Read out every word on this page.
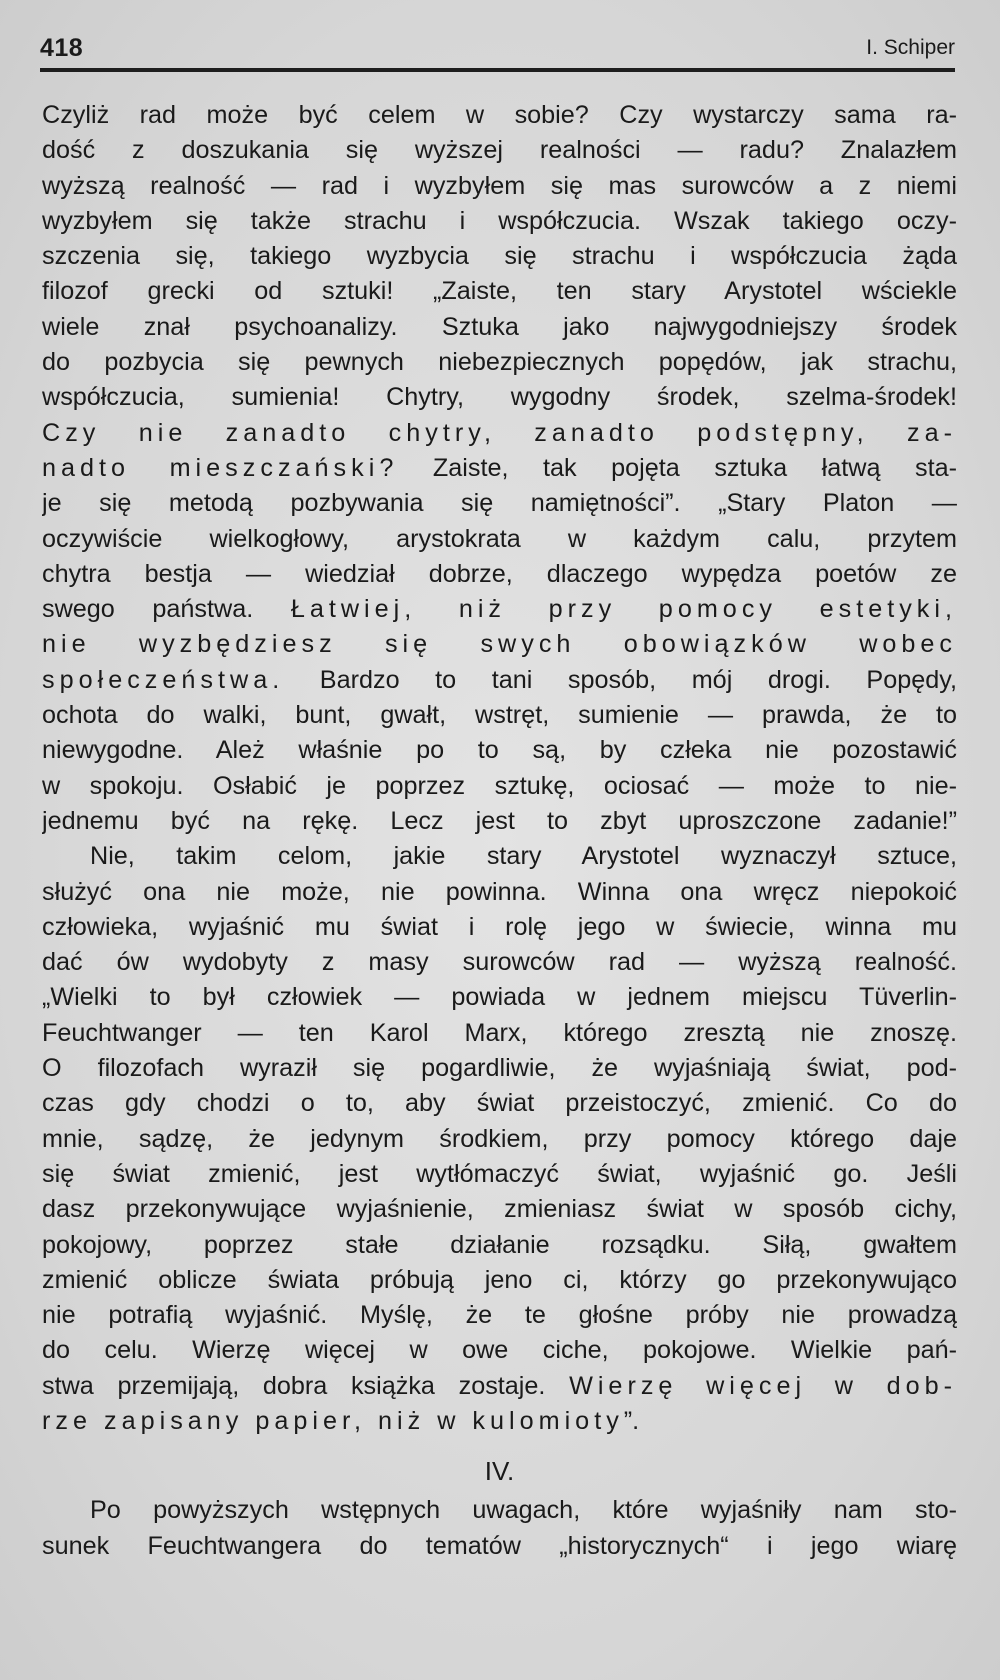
418	I. Schiper
Czyliż rad może być celem w sobie? Czy wystarczy sama ra-
dość z doszukania się wyższej realności — radu? Znalazłem
wyższą realność — rad i wyzbyłem się mas surowców a z niemi
wyzbyłem się także strachu i współczucia. Wszak takiego oczy-
szczenia się, takiego wyzbycia się strachu i współczucia żąda
filozof grecki od sztuki! „Zaiste, ten stary Arystotel wściekle
wiele znał psychoanalizy. Sztuka jako najwygodniejszy środek
do pozbycia się pewnych niebezpiecznych popędów, jak strachu,
współczucia, sumienia! Chytry, wygodny środek, szelma-środek!
Czy nie zanadto chytry, zanadto podstępny, za-
nadto mieszczański? Zaiste, tak pojęta sztuka łatwą sta-
je się metodą pozbywania się namiętności”. „Stary Platon —
oczywiście wielkogłowy, arystokrata w każdym calu, przytem
chytra bestja — wiedział dobrze, dlaczego wypędza poetów ze
swego państwa. Łatwiej, niż przy pomocy estetyki,
nie wyzbędziesz się swych obowiązków wobec
społeczeństwa. Bardzo to tani sposób, mój drogi. Popędy,
ochota do walki, bunt, gwałt, wstręt, sumienie — prawda, że to
niewygodne. Ależ właśnie po to są, by człeka nie pozostawić
w spokoju. Osłabić je poprzez sztukę, ociosać — może to nie-
jednemu być na rękę. Lecz jest to zbyt uproszczone zadanie!”
Nie, takim celom, jakie stary Arystotel wyznaczył sztuce,
służyć ona nie może, nie powinna. Winna ona wręcz niepokoić
człowieka, wyjaśnić mu świat i rolę jego w świecie, winna mu
dać ów wydobyty z masy surowców rad — wyższą realność.
„Wielki to był człowiek — powiada w jednem miejscu Tüverlin-
Feuchtwanger — ten Karol Marx, którego zresztą nie znoszę.
O filozofach wyraził się pogardliwie, że wyjaśniają świat, pod-
czas gdy chodzi o to, aby świat przeistoczyć, zmienić. Co do
mnie, sądzę, że jedynym środkiem, przy pomocy którego daje
się świat zmienić, jest wytłómaczyć świat, wyjaśnić go. Jeśli
dasz przekonywujące wyjaśnienie, zmieniasz świat w sposób cichy,
pokojowy, poprzez stałe działanie rozsądku. Siłą, gwałtem
zmienić oblicze świata próbują jeno ci, którzy go przekonywująco
nie potrafią wyjaśnić. Myślę, że te głośne próby nie prowadzą
do celu. Wierzę więcej w owe ciche, pokojowe. Wielkie pań-
stwa przemijają, dobra książka zostaje. Wierzę więcej w dob-
rze zapisany papier, niż w kulomioty”.
IV.
Po powyższych wstępnych uwagach, które wyjaśniły nam sto-
sunek Feuchtwangera do tematów „historycznych“ i jego wiarę
